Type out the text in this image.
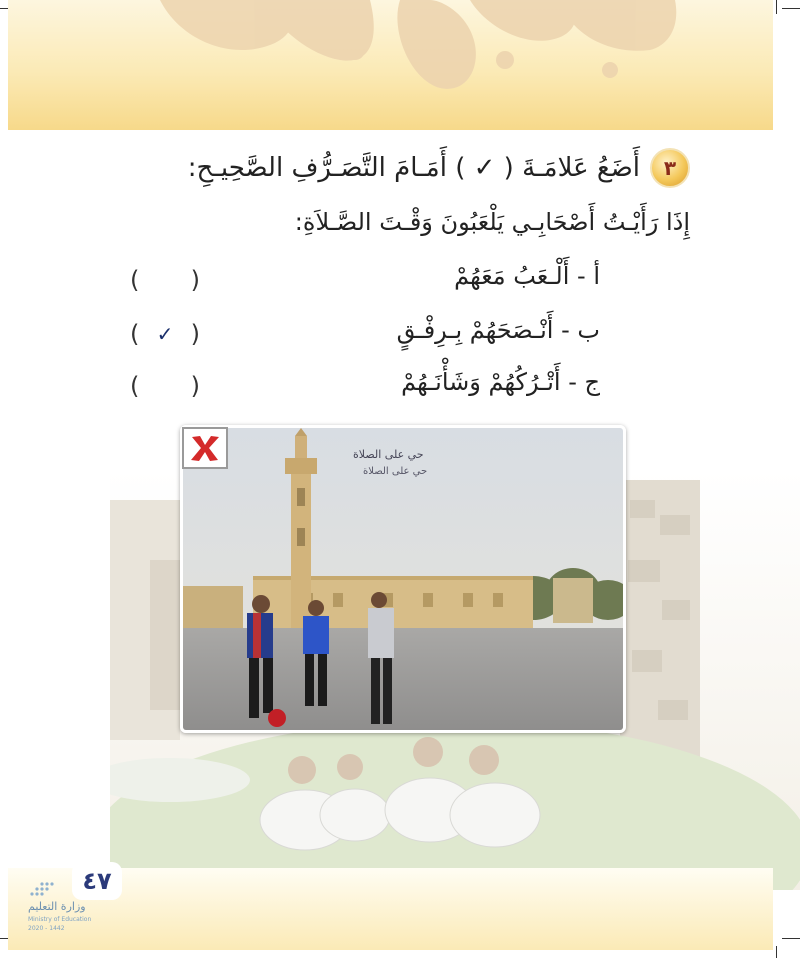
٣
أَضَعُ عَلامَـةَ ( ✓ ) أَمَـامَ التَّصَـرُّفِ الصَّحِيـحِ:
إِذَا رَأَيْـتُ أَصْحَابِـي يَلْعَبُونَ وَقْـتَ الصَّـلاَةِ:
أ - أَلْـعَبُ مَعَهُمْ
( )
ب - أَنْـصَحَهُمْ بِـرِفْـقٍ
( ✓ )
ج - أَتْـرُكُهُمْ وَشَأْنَـهُمْ
( )
حي على الصلاة
حي على الصلاة
٤٧
وزارة التعليم
Ministry of Education
2020 - 1442
